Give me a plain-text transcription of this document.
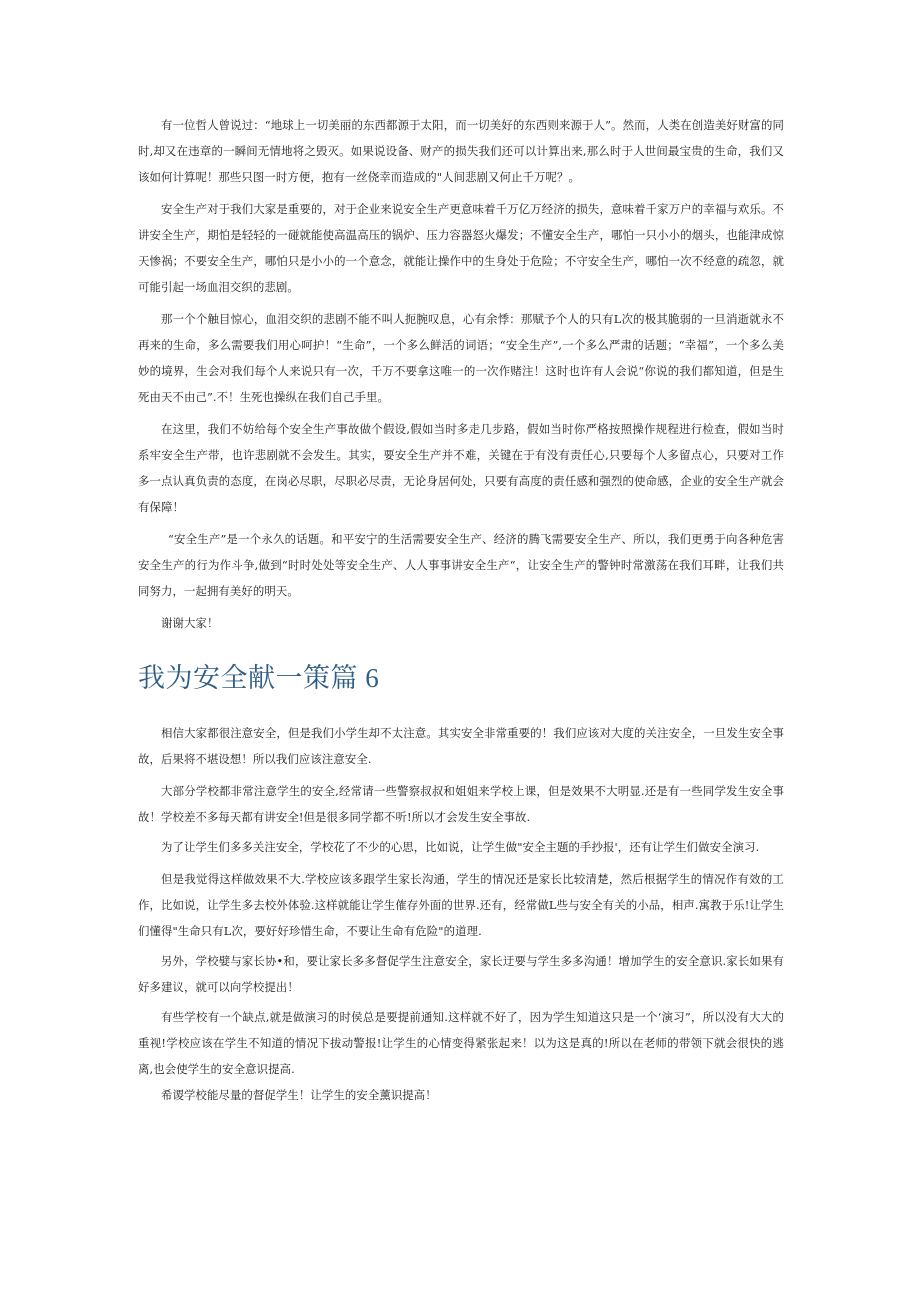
有一位哲人曾说过：“地球上一切美丽的东西都源于太阳，而一切美好的东西则来源于人”。然而，人类在创造美好财富的同时,却又在违章的一瞬间无情地将之毁灭。如果说设备、财产的损失我们还可以计算出来,那么时于人世间最宝贵的生命，我们又该如何计算呢！那些只图一时方便，抱有一丝侥幸而造成的"人间悲剧又何止千万呢？。

安全生产对于我们大家是重要的，对于企业来说安全生产更意味着千万亿万经济的损失，意味着千家万户的幸福与欢乐。不讲安全生产，期怕是轻轻的一碰就能使高温高压的锅炉、压力容器怒火爆发；不懂安全生产，哪怕一只小小的烟头，也能津成惊天惨祸；不要安全生产，哪怕只是小小的一个意念，就能让操作中的生身处于危险；不守安全生产，哪怕一次不经意的疏忽，就可能引起一场血泪交织的悲剧。

那一个个触目惊心，血泪交织的悲剧不能不叫人扼腕叹息，心有余悸：那赋予个人的只有L次的极其脆弱的一旦消逝就永不再来的生命，多么需要我们用心呵护！“生命”，一个多么鲜活的词语；“安全生产”,一个多么严肃的话题；“幸福”，一个多么美妙的境界，生会对我们每个人来说只有一次，千万不要拿这唯一的一次作赌注！这时也许有人会说“你说的我们都知道，但是生死由天不由己”.不！生死也操纵在我们自己手里。

在这里，我们不妨给每个安全生产事故做个假设,假如当时多走几步路，假如当时你严格按照操作规程进行检查，假如当时系牢安全生产带，也许悲剧就不会发生。其实，要安全生产并不难，关键在于有没有责任心,只要每个人多留点心，只要对工作多一点认真负责的态度，在岗必尽职，尽职必尽责，无论身居何处，只要有高度的责任感和强烈的使命感，企业的安全生产就会有保障！

“安全生产”是一个永久的话题。和平安宁的生活需要安全生产、经济的腾飞需要安全生产、所以，我们更勇于向各种危害安全生产的行为作斗争,做到“时时处处等安全生产、人人事事讲安全生产“，让安全生产的警钟时常激荡在我们耳畔，让我们共同努力，一起拥有美好的明天。

谢谢大家！

我为安全献一策篇 6

相信大家都很注意安全，但是我们小学生却不太注意。其实安全非常重要的！我们应该对大度的关注安全，一旦发生安全事故，后果将不堪设想！所以我们应该注意安全.

大部分学校都非常注意学生的安全,经常请一些警察叔叔和姐姐来学校上课，但是效果不大明显.还是有一些同学发生安全事故！学校差不多每天都有讲安全!但是很多同学都不听!所以才会发生安全事故.

为了让学生们多多关注安全，学校花了不少的心思，比如说，让学生做"安全主题的手抄报'，还有让学生们做安全演习.

但是我觉得这样做效果不大.学校应该多跟学生家长沟通，学生的情况还是家长比较清楚，然后根据学生的情况作有效的工作，比如说，让学生多去校外体验.这样就能让学生傕存外面的世界.还有，经常做L些与安全有关的小品，相声.寓教于乐!让学生们懂得"生命只有L次，要好好珍惜生命，不要让生命有危险"的道理.

另外，学校嬖与家长协•和，要让家长多多督促学生注意安全，家长迂要与学生多多沟通！增加学生的安全意识.家长如果有好多建议，就可以向学校提出！

有些学校有一个缺点,就是做演习的时侯总是要提前通知.这样就不好了，因为学生知道这只是一个‘演习”，所以没有大大的重视!学校应该在学生不知道的情况下拔动警报!让学生的心情变得紧张起来！以为这是真的!所以在老师的带领下就会很快的逃离,也会使学生的安全意识提高.

希谡学校能尽量的督促学生！让学生的安全薰识提高！
